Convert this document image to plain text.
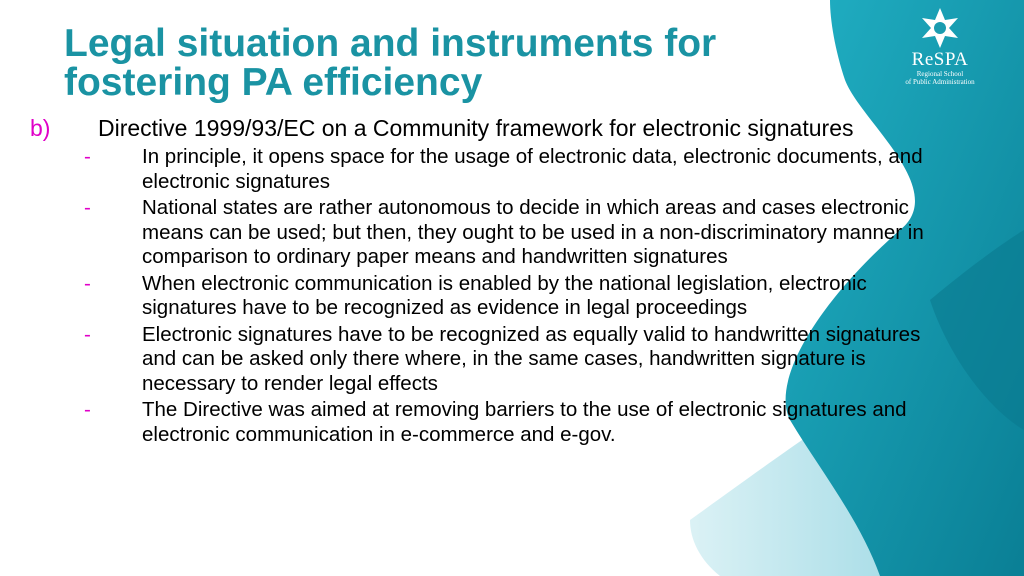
ReSPA
Regional School
of Public Administration
Legal situation and instruments for fostering PA efficiency
b) Directive 1999/93/EC on a Community framework for electronic signatures
- In principle, it opens space for the usage of electronic data, electronic documents, and electronic signatures
- National states are rather autonomous to decide in which areas and cases electronic means can be used; but then, they ought to be used in a non-discriminatory manner in comparison to ordinary paper means and handwritten signatures
- When electronic communication is enabled by the national legislation, electronic signatures have to be recognized as evidence in legal proceedings
- Electronic signatures have to be recognized as equally valid to handwritten signatures and can be asked only there where, in the same cases, handwritten signature is necessary to render legal effects
- The Directive was aimed at removing barriers to the use of electronic signatures and electronic communication in e-commerce and e-gov.
